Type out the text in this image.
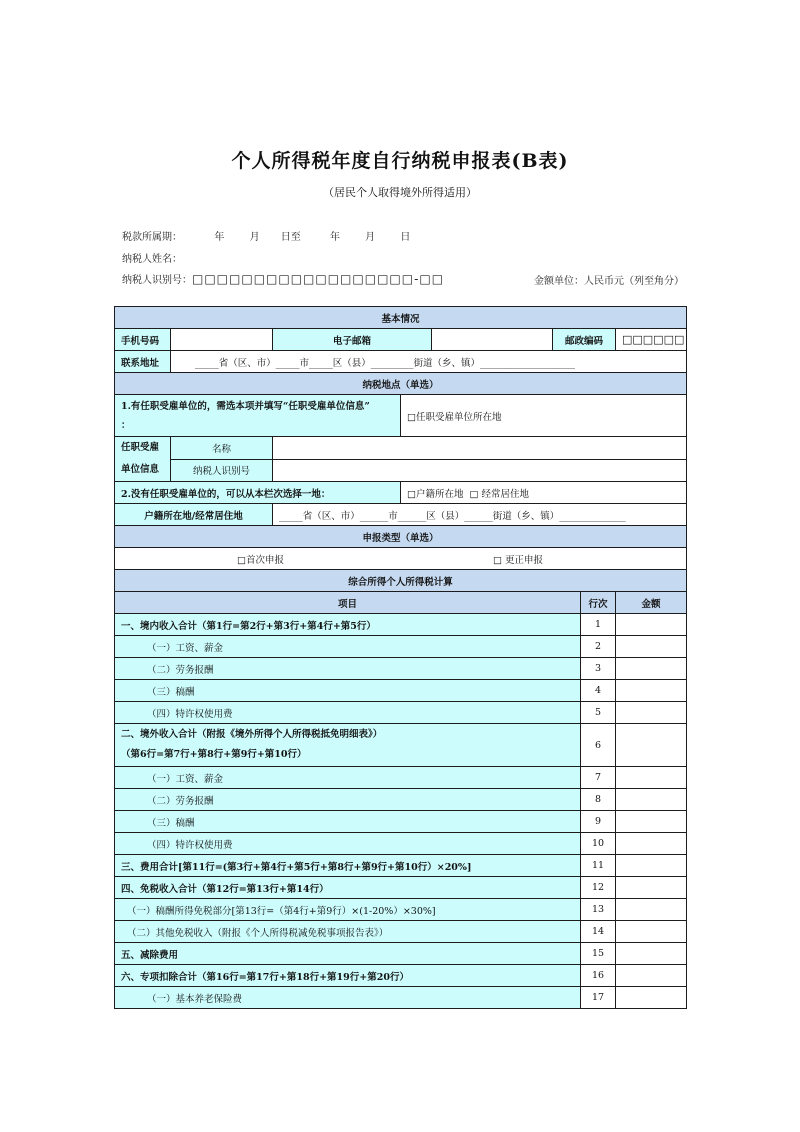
个人所得税年度自行纳税申报表(B表)
（居民个人取得境外所得适用）
税款所属期：	年	月 日至	年	月	日
纳税人姓名：
纳税人识别号：□□□□□□□□□□□□□□□□□□-□□	金额单位：人民币元（列至角分）
基本情况							
手机号码		电子邮箱			邮政编码		□□□□□□
联系地址	_____省（区、市）_____市_____区（县）_________街道（乡、镇）____________________						
纳税地点（单选）							

1.有任职受雇单位的，需选本项并填写“任职受雇单位信息”
：			□任职受雇单位所在地				

任职受雇
单位信息	名称						
	纳税人识别号						
2.没有任职受雇单位的，可以从本栏次选择一地：			□户籍所在地 □ 经常居住地				
户籍所在地/经常居住地		_____省（区、市）______市______区（县）______街道（乡、镇）______________					
申报类型（单选）							

□首次申报 □ 更正申报							

综合所得个人所得税计算							
项目						行次	金额
一、境内收入合计（第1行=第2行+第3行+第4行+第5行）						1	
（一）工资、薪金						2	
（二）劳务报酬						3	
（三）稿酬						4	
（四）特许权使用费						5	

二、境外收入合计（附报《境外所得个人所得税抵免明细表》）
（第6行=第7行+第8行+第9行+第10行）						6	
（一）工资、薪金						7	
（二）劳务报酬						8	
（三）稿酬						9	
（四）特许权使用费						10	
三、费用合计[第11行=(第3行+第4行+第5行+第8行+第9行+第10行）×20%]						11	
四、免税收入合计（第12行=第13行+第14行）						12	
（一）稿酬所得免税部分[第13行=（第4行+第9行）×(1-20%）×30%]						13	
（二）其他免税收入（附报《个人所得税减免税事项报告表》）						14	
五、减除费用						15	
六、专项扣除合计（第16行=第17行+第18行+第19行+第20行）						16	
（一）基本养老保险费						17	
